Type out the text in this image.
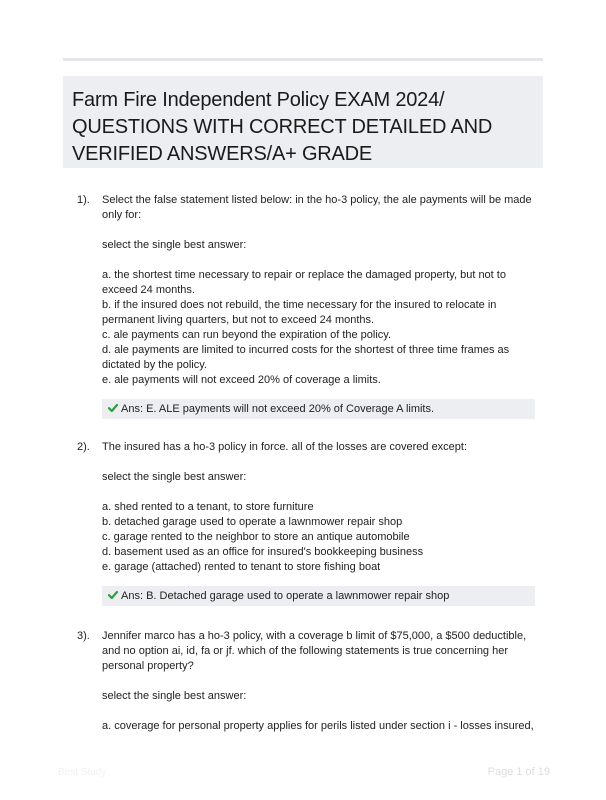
Farm Fire Independent Policy EXAM 2024/
QUESTIONS WITH CORRECT DETAILED AND
VERIFIED ANSWERS/A+ GRADE
1). Select the false statement listed below: in the ho-3 policy, the ale payments will be made only for:

select the single best answer:

a. the shortest time necessary to repair or replace the damaged property, but not to exceed 24 months.

b. if the insured does not rebuild, the time necessary for the insured to relocate in permanent living quarters, but not to exceed 24 months.

c. ale payments can run beyond the expiration of the policy.

d. ale payments are limited to incurred costs for the shortest of three time frames as dictated by the policy.

e. ale payments will not exceed 20% of coverage a limits.

Ans: E. ALE payments will not exceed 20% of Coverage A limits.
2). The insured has a ho-3 policy in force. all of the losses are covered except:

select the single best answer:

a. shed rented to a tenant, to store furniture

b. detached garage used to operate a lawnmower repair shop

c. garage rented to the neighbor to store an antique automobile

d. basement used as an office for insured's bookkeeping business

e. garage (attached) rented to tenant to store fishing boat

Ans: B. Detached garage used to operate a lawnmower repair shop
3). Jennifer marco has a ho-3 policy, with a coverage b limit of $75,000, a $500 deductible, and no option ai, id, fa or jf. which of the following statements is true concerning her personal property?

select the single best answer:

a. coverage for personal property applies for perils listed under section i - losses insured,

Best Study	Page 1 of 19
